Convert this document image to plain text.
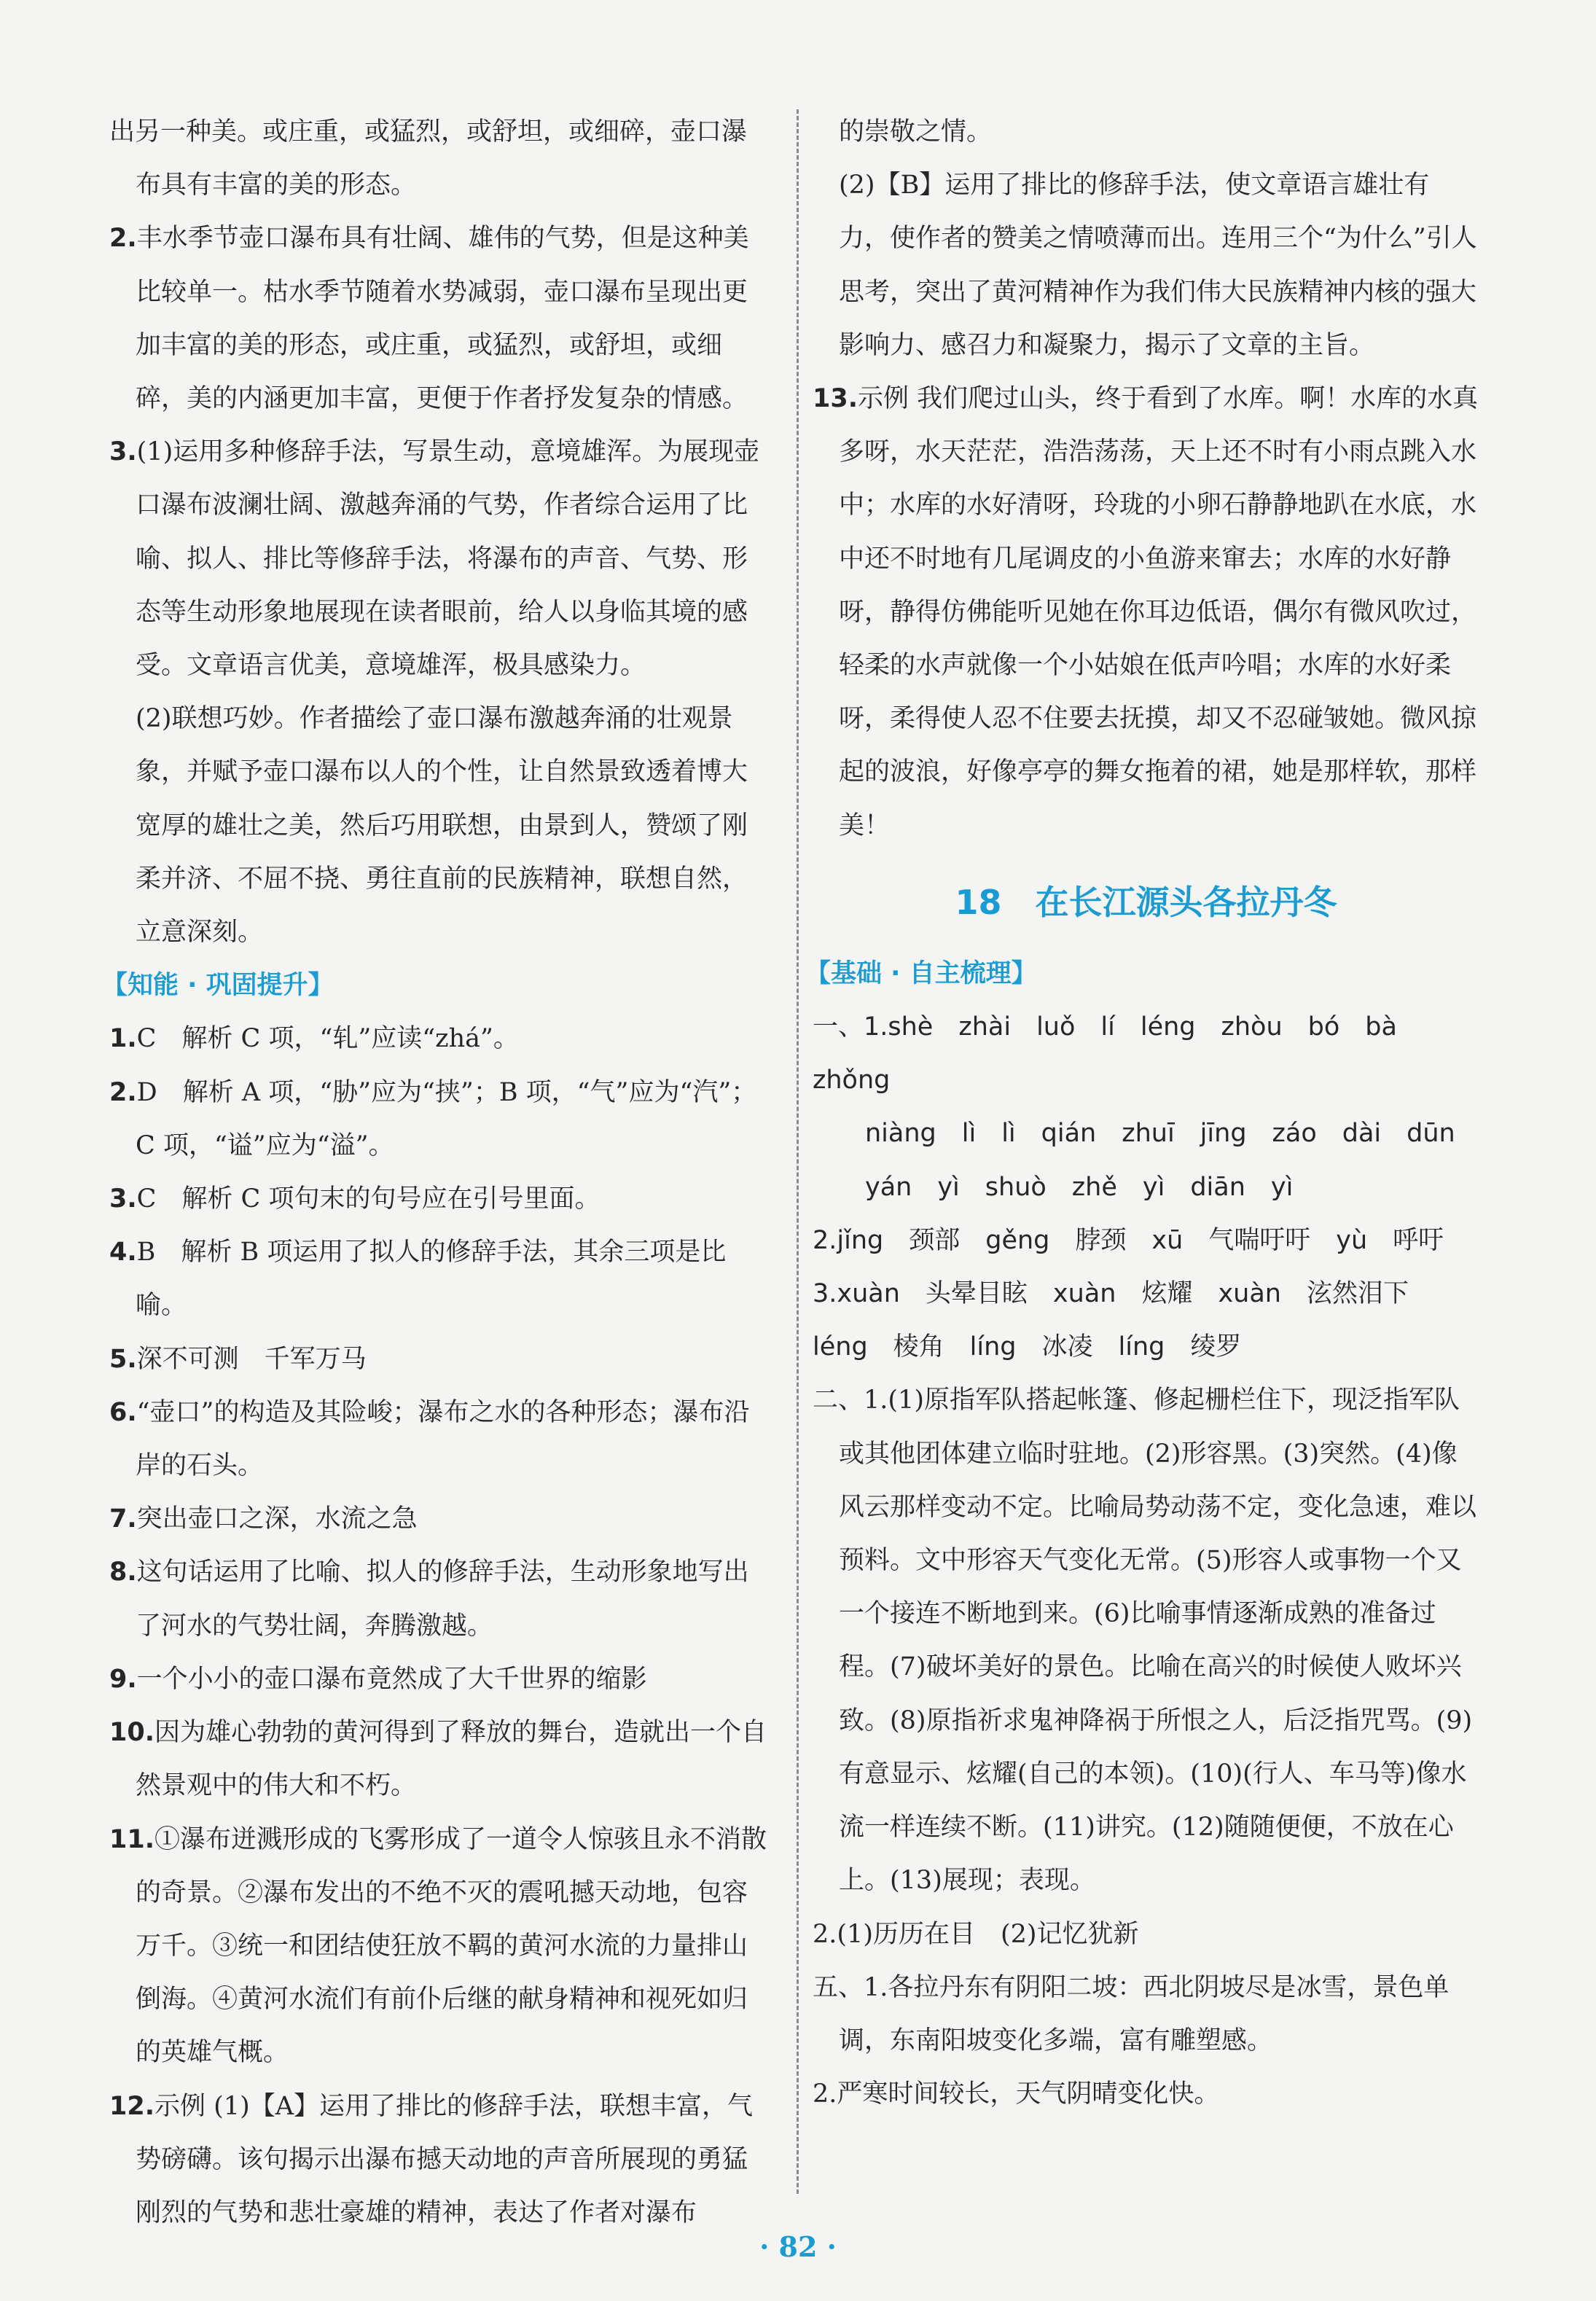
出另一种美。或庄重，或猛烈，或舒坦，或细碎，壶口瀑

布具有丰富的美的形态。

2.丰水季节壶口瀑布具有壮阔、雄伟的气势，但是这种美比较单一。枯水季节随着水势减弱，壶口瀑布呈现出更加丰富的美的形态，或庄重，或猛烈，或舒坦，或细碎，美的内涵更加丰富，更便于作者抒发复杂的情感。

3.(1)运用多种修辞手法，写景生动，意境雄浑。为展现壶口瀑布波澜壮阔、激越奔涌的气势，作者综合运用了比喻、拟人、排比等修辞手法，将瀑布的声音、气势、形态等生动形象地展现在读者眼前，给人以身临其境的感受。文章语言优美，意境雄浑，极具感染力。

(2)联想巧妙。作者描绘了壶口瀑布激越奔涌的壮观景象，并赋予壶口瀑布以人的个性，让自然景致透着博大宽厚的雄壮之美，然后巧用联想，由景到人，赞颂了刚柔并济、不屈不挠、勇往直前的民族精神，联想自然，立意深刻。

【知能 · 巩固提升】

1.C　解析 C 项，“轧”应读“zhá”。

2.D　解析 A 项，“胁”应为“挟”；B 项，“气”应为“汽”；C 项，“谥”应为“溢”。

3.C　解析 C 项句末的句号应在引号里面。

4.B　解析 B 项运用了拟人的修辞手法，其余三项是比喻。

5.深不可测　千军万马

6.“壶口”的构造及其险峻；瀑布之水的各种形态；瀑布沿岸的石头。

7.突出壶口之深，水流之急

8.这句话运用了比喻、拟人的修辞手法，生动形象地写出了河水的气势壮阔，奔腾激越。

9.一个小小的壶口瀑布竟然成了大千世界的缩影

10.因为雄心勃勃的黄河得到了释放的舞台，造就出一个自然景观中的伟大和不朽。

11.①瀑布迸溅形成的飞雾形成了一道令人惊骇且永不消散的奇景。②瀑布发出的不绝不灭的震吼撼天动地，包容万千。③统一和团结使狂放不羁的黄河水流的力量排山倒海。④黄河水流们有前仆后继的献身精神和视死如归的英雄气概。

12.示例 (1)【A】运用了排比的修辞手法，联想丰富，气势磅礴。该句揭示出瀑布撼天动地的声音所展现的勇猛刚烈的气势和悲壮豪雄的精神，表达了作者对瀑布

的崇敬之情。

(2)【B】运用了排比的修辞手法，使文章语言雄壮有力，使作者的赞美之情喷薄而出。连用三个“为什么”引人思考，突出了黄河精神作为我们伟大民族精神内核的强大影响力、感召力和凝聚力，揭示了文章的主旨。

13.示例 我们爬过山头，终于看到了水库。啊！水库的水真多呀，水天茫茫，浩浩荡荡，天上还不时有小雨点跳入水中；水库的水好清呀，玲珑的小卵石静静地趴在水底，水中还不时地有几尾调皮的小鱼游来窜去；水库的水好静呀，静得仿佛能听见她在你耳边低语，偶尔有微风吹过，轻柔的水声就像一个小姑娘在低声吟唱；水库的水好柔呀，柔得使人忍不住要去抚摸，却又不忍碰皱她。微风掠起的波浪，好像亭亭的舞女拖着的裙，她是那样软，那样美！

18　在长江源头各拉丹冬

【基础 · 自主梳理】

一、1.shè　zhài　luǒ　lí　léng　zhòu　bó　bà　zhǒng

niàng　lì　lì　qián　zhuī　jīng　záo　dài　dūn

yán　yì　shuò　zhě　yì　diān　yì

2.jǐng　颈部　gěng　脖颈　xū　气喘吁吁　yù　呼吁

3.xuàn　头晕目眩　xuàn　炫耀　xuàn　泫然泪下

léng　棱角　líng　冰凌　líng　绫罗

二、1.(1)原指军队搭起帐篷、修起栅栏住下，现泛指军队或其他团体建立临时驻地。(2)形容黑。(3)突然。(4)像风云那样变动不定。比喻局势动荡不定，变化急速，难以预料。文中形容天气变化无常。(5)形容人或事物一个又一个接连不断地到来。(6)比喻事情逐渐成熟的准备过程。(7)破坏美好的景色。比喻在高兴的时候使人败坏兴致。(8)原指祈求鬼神降祸于所恨之人，后泛指咒骂。(9)有意显示、炫耀(自己的本领)。(10)(行人、车马等)像水流一样连续不断。(11)讲究。(12)随随便便，不放在心上。(13)展现；表现。

2.(1)历历在目　(2)记忆犹新

五、1.各拉丹东有阴阳二坡：西北阴坡尽是冰雪，景色单调，东南阳坡变化多端，富有雕塑感。

2.严寒时间较长，天气阴晴变化快。

· 82 ·
